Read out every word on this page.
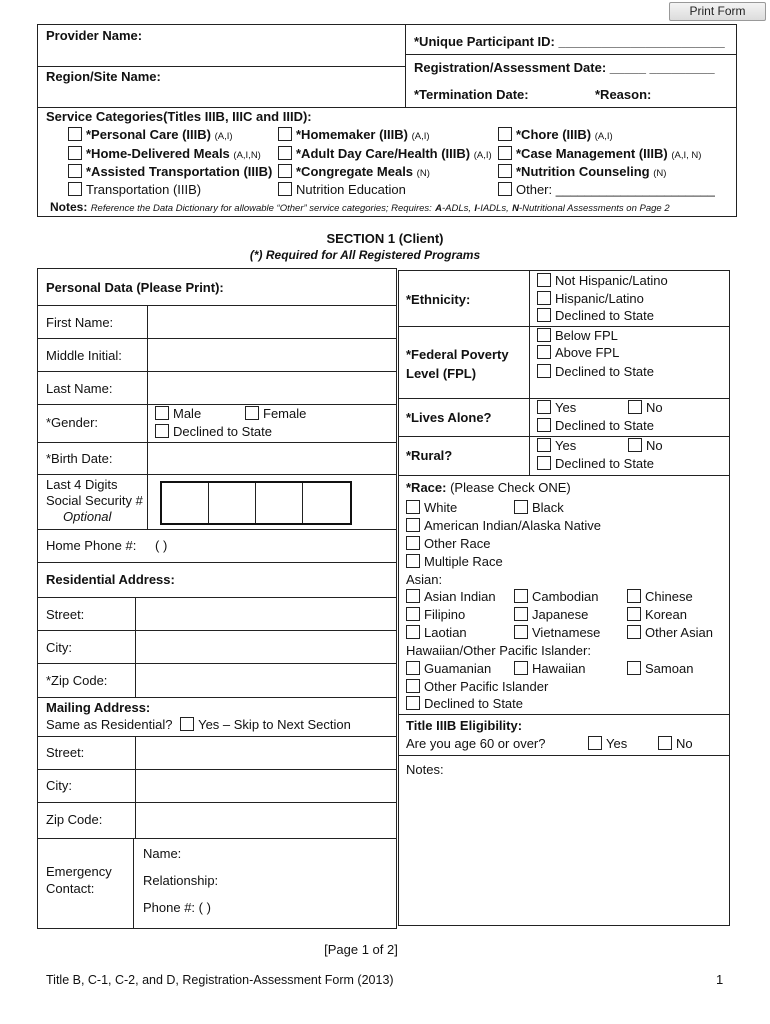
Print Form
Provider Name:
Region/Site Name:
*Unique Participant ID: _______________________
Registration/Assessment Date: _____ _________
*Termination Date:	*Reason:
Service Categories(Titles IIIB, IIIC and IIID):
*Personal Care (IIIB) (A,I)
*Home-Delivered Meals (A,I,N)
*Assisted Transportation (IIIB)
Transportation (IIIB)
*Homemaker (IIIB) (A,I)
*Adult Day Care/Health (IIIB) (A,I)
*Congregate Meals (N)
Nutrition Education
*Chore (IIIB) (A,I)
*Case Management (IIIB) (A,I, N)
*Nutrition Counseling (N)
Other: ______________________
Notes: Reference the Data Dictionary for allowable “Other” service categories; Requires: A-ADLs, I-IADLs, N-Nutritional Assessments on Page 2
SECTION 1 (Client)
(*) Required for All Registered Programs
Personal Data (Please Print):
First Name:
Middle Initial:
Last Name:
*Gender:
Male	Female
Declined to State
*Birth Date:
Last 4 Digits
Social Security #
Optional
Home Phone #: ( )
Residential Address:
Street:
City:
*Zip Code:
Mailing Address:
Same as Residential? Yes – Skip to Next Section
Street:
City:
Zip Code:
Emergency
Contact:
Name:
Relationship:
Phone #: ( )
*Ethnicity:
Not Hispanic/Latino
Hispanic/Latino
Declined to State
*Federal Poverty
Level (FPL)
Below FPL
Above FPL
Declined to State
*Lives Alone?
Yes	No
Declined to State
*Rural?
Yes	No
Declined to State
*Race: (Please Check ONE)
White	Black
American Indian/Alaska Native
Other Race
Multiple Race
Asian:
Asian Indian	Cambodian	Chinese
Filipino	Japanese	Korean
Laotian	Vietnamese	Other Asian
Hawaiian/Other Pacific Islander:
Guamanian	Hawaiian	Samoan
Other Pacific Islander
Declined to State
Title IIIB Eligibility:
Are you age 60 or over?	Yes	No
Notes:
[Page 1 of 2]
Title B, C-1, C-2, and D, Registration-Assessment Form (2013)	1
